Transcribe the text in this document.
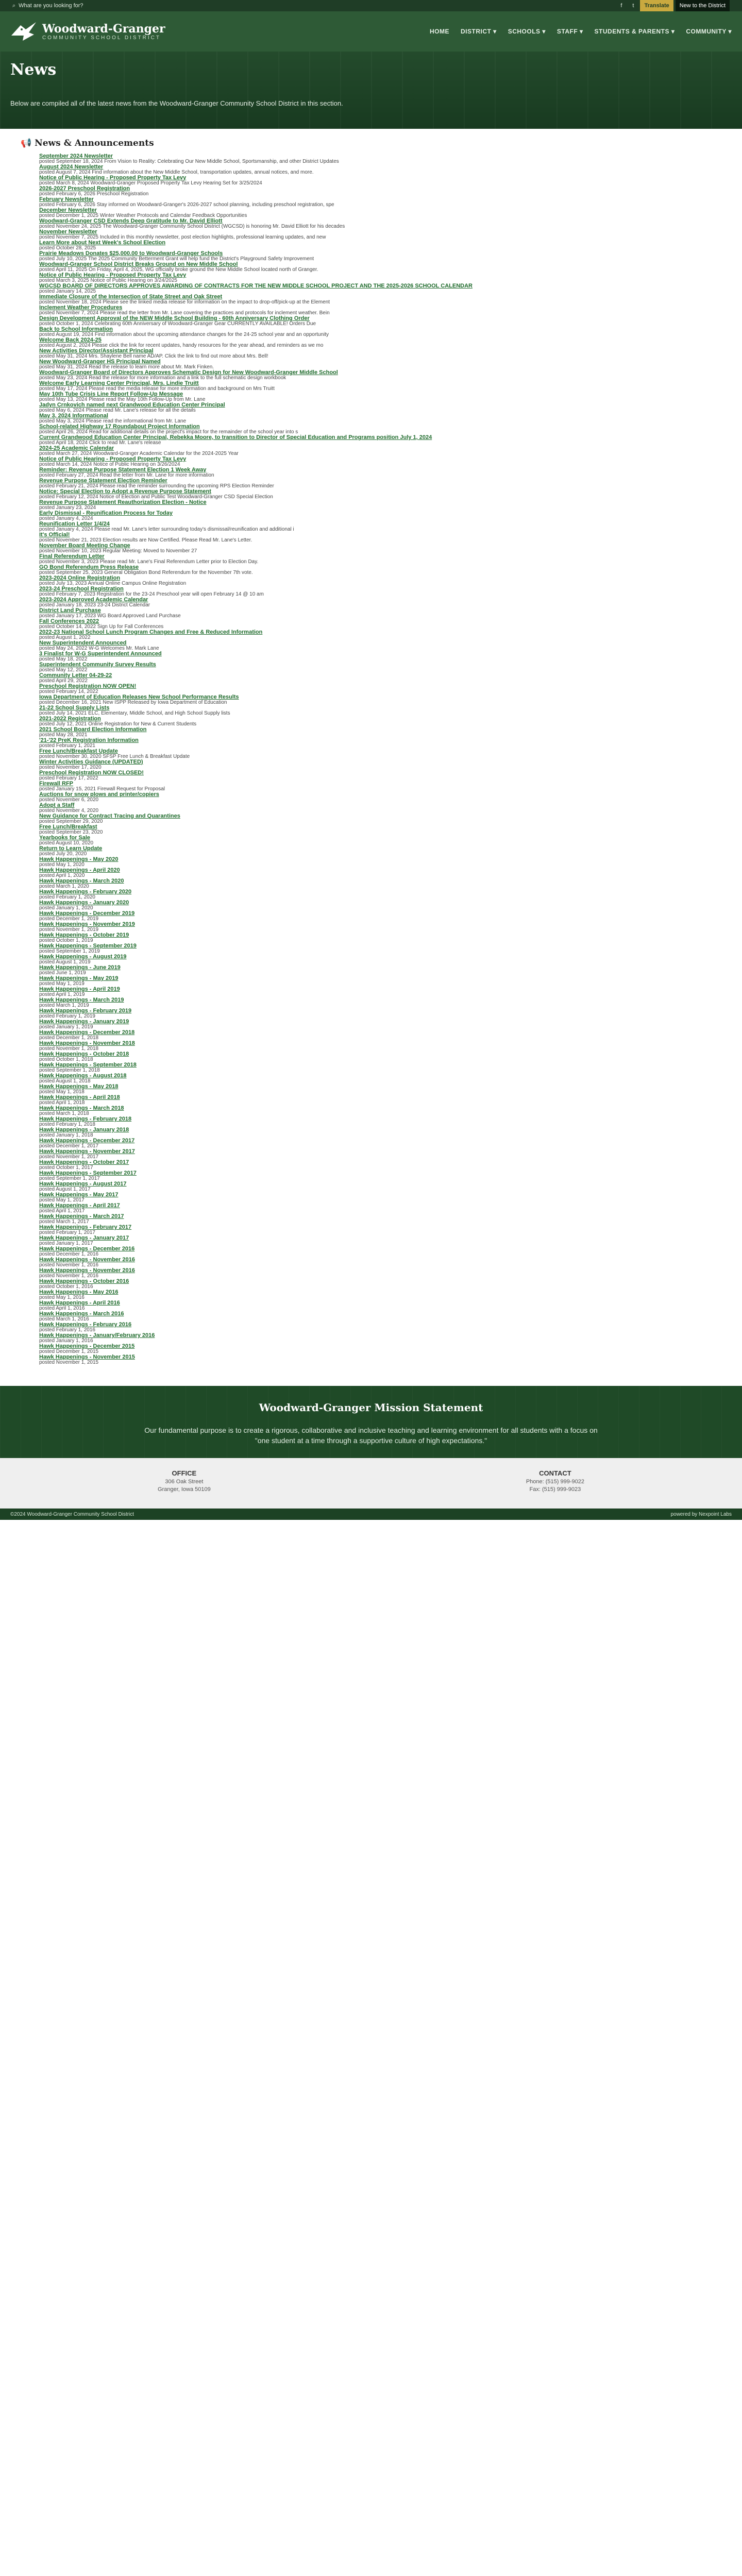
⌕ What are you looking for?	f	t	Translate	New to the District
Woodward-Granger
COMMUNITY SCHOOL DISTRICT
HOME DISTRICT ▾ SCHOOLS ▾ STAFF ▾ STUDENTS & PARENTS ▾ COMMUNITY ▾
News

Below are compiled all of the latest news from the Woodward-Granger Community School District in this section.

📢 News & Announcements
September 2024 Newsletter
posted September 18, 2024 From Vision to Reality: Celebrating Our New Middle School, Sportsmanship, and other District Updates
August 2024 Newsletter
posted August 7, 2024 Find information about the New Middle School, transportation updates, annual notices, and more.
Notice of Public Hearing - Proposed Property Tax Levy
posted March 8, 2024 Woodward-Granger Proposed Property Tax Levy Hearing Set for 3/25/2024
2026-2027 Preschool Registration
posted February 6, 2026 Preschool Registration
February Newsletter
posted February 6, 2026 Stay informed on Woodward-Granger's 2026-2027 school planning, including preschool registration, spe
December Newsletter
posted December 1, 2025 Winter Weather Protocols and Calendar Feedback Opportunities
Woodward-Granger CSD Extends Deep Gratitude to Mr. David Elliott
posted November 24, 2025 The Woodward-Granger Community School District (WGCSD) is honoring Mr. David Elliott for his decades
November Newsletter
posted November 7, 2025 Included in this monthly newsletter, post election highlights, professional learning updates, and new
Learn More about Next Week's School Election
posted October 28, 2025
Prairie Meadows Donates $25,000.00 to Woodward-Granger Schools
posted July 10, 2025 The 2025 Community Betterment Grant will help fund the District's Playground Safety Improvement
Woodward-Granger School District Breaks Ground on New Middle School
posted April 11, 2025 On Friday, April 4, 2025, WG officially broke ground the New Middle School located north of Granger.
Notice of Public Hearing - Proposed Property Tax Levy
posted March 3, 2025 Notice of Public Hearing on 3/24/2025
WGCSD BOARD OF DIRECTORS APPROVES AWARDING OF CONTRACTS FOR THE NEW MIDDLE SCHOOL PROJECT AND THE 2025-2026 SCHOOL CALENDAR
posted January 14, 2025
Immediate Closure of the Intersection of State Street and Oak Street
posted November 18, 2024 Please see the linked media release for information on the impact to drop-off/pick-up at the Element
Inclement Weather Procedures
posted November 7, 2024 Please read the letter from Mr. Lane covering the practices and protocols for inclement weather. Bein
Design Development Approval of the NEW Middle School Building - 60th Anniversary Clothing Order
posted October 1, 2024 Celebrating 60th Anniversary of Woodward-Granger Gear CURRENTLY AVAILABLE! Orders Due
Back to School Information
posted August 19, 2024 Find information about the upcoming attendance changes for the 24-25 school year and an opportunity
Welcome Back 2024-25
posted August 2, 2024 Please click the link for recent updates, handy resources for the year ahead, and reminders as we mo
New Activities Director/Assistant Principal
posted May 31, 2024 Mrs. Shaylene Bell name AD/AP. Click the link to find out more about Mrs. Bell!
New Woodward-Granger HS Principal Named
posted May 31, 2024 Read the release to learn more about Mr. Mark Finken.
Woodward-Granger Board of Directors Approves Schematic Design for New Woodward-Granger Middle School
posted May 23, 2024 Read the release for more information and a link to the full schematic design workbook
Welcome Early Learning Center Principal, Mrs. Lindie Truitt
posted May 17, 2024 Please read the media release for more information and background on Mrs Truitt
May 10th Tube Crisis Line Report Follow-Up Message
posted May 13, 2024 Please read the May 10th Follow-Up from Mr. Lane
Jadyn Crnkovich named next Grandwood Education Center Principal
posted May 6, 2024 Please read Mr. Lane's release for all the details
May 3, 2024 Informational
posted May 3, 2024 Please read the informational from Mr. Lane
School-related Highway 17 Roundabout Project Information
posted April 26, 2024 Read for additional details on the project's impact for the remainder of the school year into s
Current Grandwood Education Center Principal, Rebekka Moore, to transition to Director of Special Education and Programs position July 1, 2024
posted April 18, 2024 Click to read Mr. Lane's release
2024-25 Academic Calendar
posted March 27, 2024 Woodward-Granger Academic Calendar for the 2024-2025 Year
Notice of Public Hearing - Proposed Property Tax Levy
posted March 14, 2024 Notice of Public Hearing on 3/26/2024
Reminder: Revenue Purpose Statement Election 1 Week Away
posted February 27, 2024 Read the letter from Mr. Lane for more information
Revenue Purpose Statement Election Reminder
posted February 21, 2024 Please read the reminder surrounding the upcoming RPS Election Reminder
Notice: Special Election to Adopt a Revenue Purpose Statement
posted February 12, 2024 Notice of Election and Public Test Woodward-Granger CSD Special Election
Revenue Purpose Statement Reauthorization Election - Notice
posted January 23, 2024
Early Dismissal - Reunification Process for Today
posted January 4, 2024
Reunification Letter 1/4/24
posted January 4, 2024 Please read Mr. Lane's letter surrounding today's dismissal/reunification and additional i
It's Official!
posted November 21, 2023 Election results are Now Certified. Please Read Mr. Lane's Letter.
November Board Meeting Change
posted November 10, 2023 Regular Meeting: Moved to November 27
Final Referendum Letter
posted November 3, 2023 Please read Mr. Lane's Final Referendum Letter prior to Election Day.
GO Bond Referendum Press Release
posted September 25, 2023 General Obligation Bond Referendum for the November 7th vote.
2023-2024 Online Registration
posted July 13, 2023 Annual Online Campus Online Registration
2023-24 Preschool Registration
posted February 7, 2023 Registration for the 23-24 Preschool year will open February 14 @ 10 am
2023-2024 Approved Academic Calendar
posted January 18, 2023 23-24 District Calendar
District Land Purchase
posted January 17, 2023 WG Board Approved Land Purchase
Fall Conferences 2022
posted October 14, 2022 Sign Up for Fall Conferences
2022-23 National School Lunch Program Changes and Free & Reduced Information
posted August 1, 2022
New Superintendent Announced
posted May 24, 2022 W-G Welcomes Mr. Mark Lane
3 Finalist for W-G Superintendent Announced
posted May 18, 2022
Superintendent Community Survey Results
posted May 12, 2022
Community Letter 04-29-22
posted April 29, 2022
Preschool Registration NOW OPEN!
posted February 14, 2022
Iowa Department of Education Releases New School Performance Results
posted December 16, 2021 New ISPP Released by Iowa Department of Education
21-22 School Supply Lists
posted July 14, 2021 ELC, Elementary, Middle School, and High School Supply lists
2021-2022 Registration
posted July 12, 2021 Online Registration for New & Current Students
2021 School Board Election Information
posted May 28, 2021
'21-'22 PreK Registration Information
posted February 1, 2021
Free Lunch/Breakfast Update
posted November 30, 2020 SFSP Free Lunch & Breakfast Update
Winter Activities Guidance (UPDATED)
posted November 17, 2020
Preschool Registration NOW CLOSED!
posted February 17, 2022
Firewall RFP
posted January 15, 2021 Firewall Request for Proposal
Auctions for snow plows and printer/copiers
posted November 6, 2020
Adopt a Staff
posted November 4, 2020
New Guidance for Contract Tracing and Quarantines
posted September 29, 2020
Free Lunch/Breakfast
posted September 23, 2020
Yearbooks for Sale
posted August 10, 2020
Return to Learn Update
posted July 20, 2020
Hawk Happenings - May 2020
posted May 1, 2020
Hawk Happenings - April 2020
posted April 1, 2020
Hawk Happenings - March 2020
posted March 1, 2020
Hawk Happenings - February 2020
posted February 1, 2020
Hawk Happenings - January 2020
posted January 1, 2020
Hawk Happenings - December 2019
posted December 1, 2019
Hawk Happenings - November 2019
posted November 1, 2019
Hawk Happenings - October 2019
posted October 1, 2019
Hawk Happenings - September 2019
posted September 1, 2019
Hawk Happenings - August 2019
posted August 1, 2019
Hawk Happenings - June 2019
posted June 1, 2019
Hawk Happenings - May 2019
posted May 1, 2019
Hawk Happenings - April 2019
posted April 1, 2019
Hawk Happenings - March 2019
posted March 1, 2019
Hawk Happenings - February 2019
posted February 1, 2019
Hawk Happenings - January 2019
posted January 1, 2019
Hawk Happenings - December 2018
posted December 1, 2018
Hawk Happenings - November 2018
posted November 1, 2018
Hawk Happenings - October 2018
posted October 1, 2018
Hawk Happenings - September 2018
posted September 1, 2018
Hawk Happenings - August 2018
posted August 1, 2018
Hawk Happenings - May 2018
posted May 1, 2018
Hawk Happenings - April 2018
posted April 1, 2018
Hawk Happenings - March 2018
posted March 1, 2018
Hawk Happenings - February 2018
posted February 1, 2018
Hawk Happenings - January 2018
posted January 1, 2018
Hawk Happenings - December 2017
posted December 1, 2017
Hawk Happenings - November 2017
posted November 1, 2017
Hawk Happenings - October 2017
posted October 1, 2017
Hawk Happenings - September 2017
posted September 1, 2017
Hawk Happenings - August 2017
posted August 1, 2017
Hawk Happenings - May 2017
posted May 1, 2017
Hawk Happenings - April 2017
posted April 1, 2017
Hawk Happenings - March 2017
posted March 1, 2017
Hawk Happenings - February 2017
posted February 1, 2017
Hawk Happenings - January 2017
posted January 1, 2017
Hawk Happenings - December 2016
posted December 1, 2016
Hawk Happenings - November 2016
posted November 1, 2016
Hawk Happenings - November 2016
posted November 1, 2016
Hawk Happenings - October 2016
posted October 1, 2016
Hawk Happenings - May 2016
posted May 1, 2016
Hawk Happenings - April 2016
posted April 1, 2016
Hawk Happenings - March 2016
posted March 1, 2016
Hawk Happenings - February 2016
posted February 1, 2016
Hawk Happenings - January/February 2016
posted January 1, 2016
Hawk Happenings - December 2015
posted December 1, 2015
Hawk Happenings - November 2015
posted November 1, 2015
Woodward-Granger Mission Statement

Our fundamental purpose is to create a rigorous, collaborative and inclusive teaching and learning environment for all students with a focus on "one student at a time through a supportive culture of high expectations."

OFFICE
306 Oak Street
Granger, Iowa 50109
CONTACT
Phone: (515) 999-9022
Fax: (515) 999-9023
©2024 Woodward-Granger Community School District	powered by Nexpoint Labs
